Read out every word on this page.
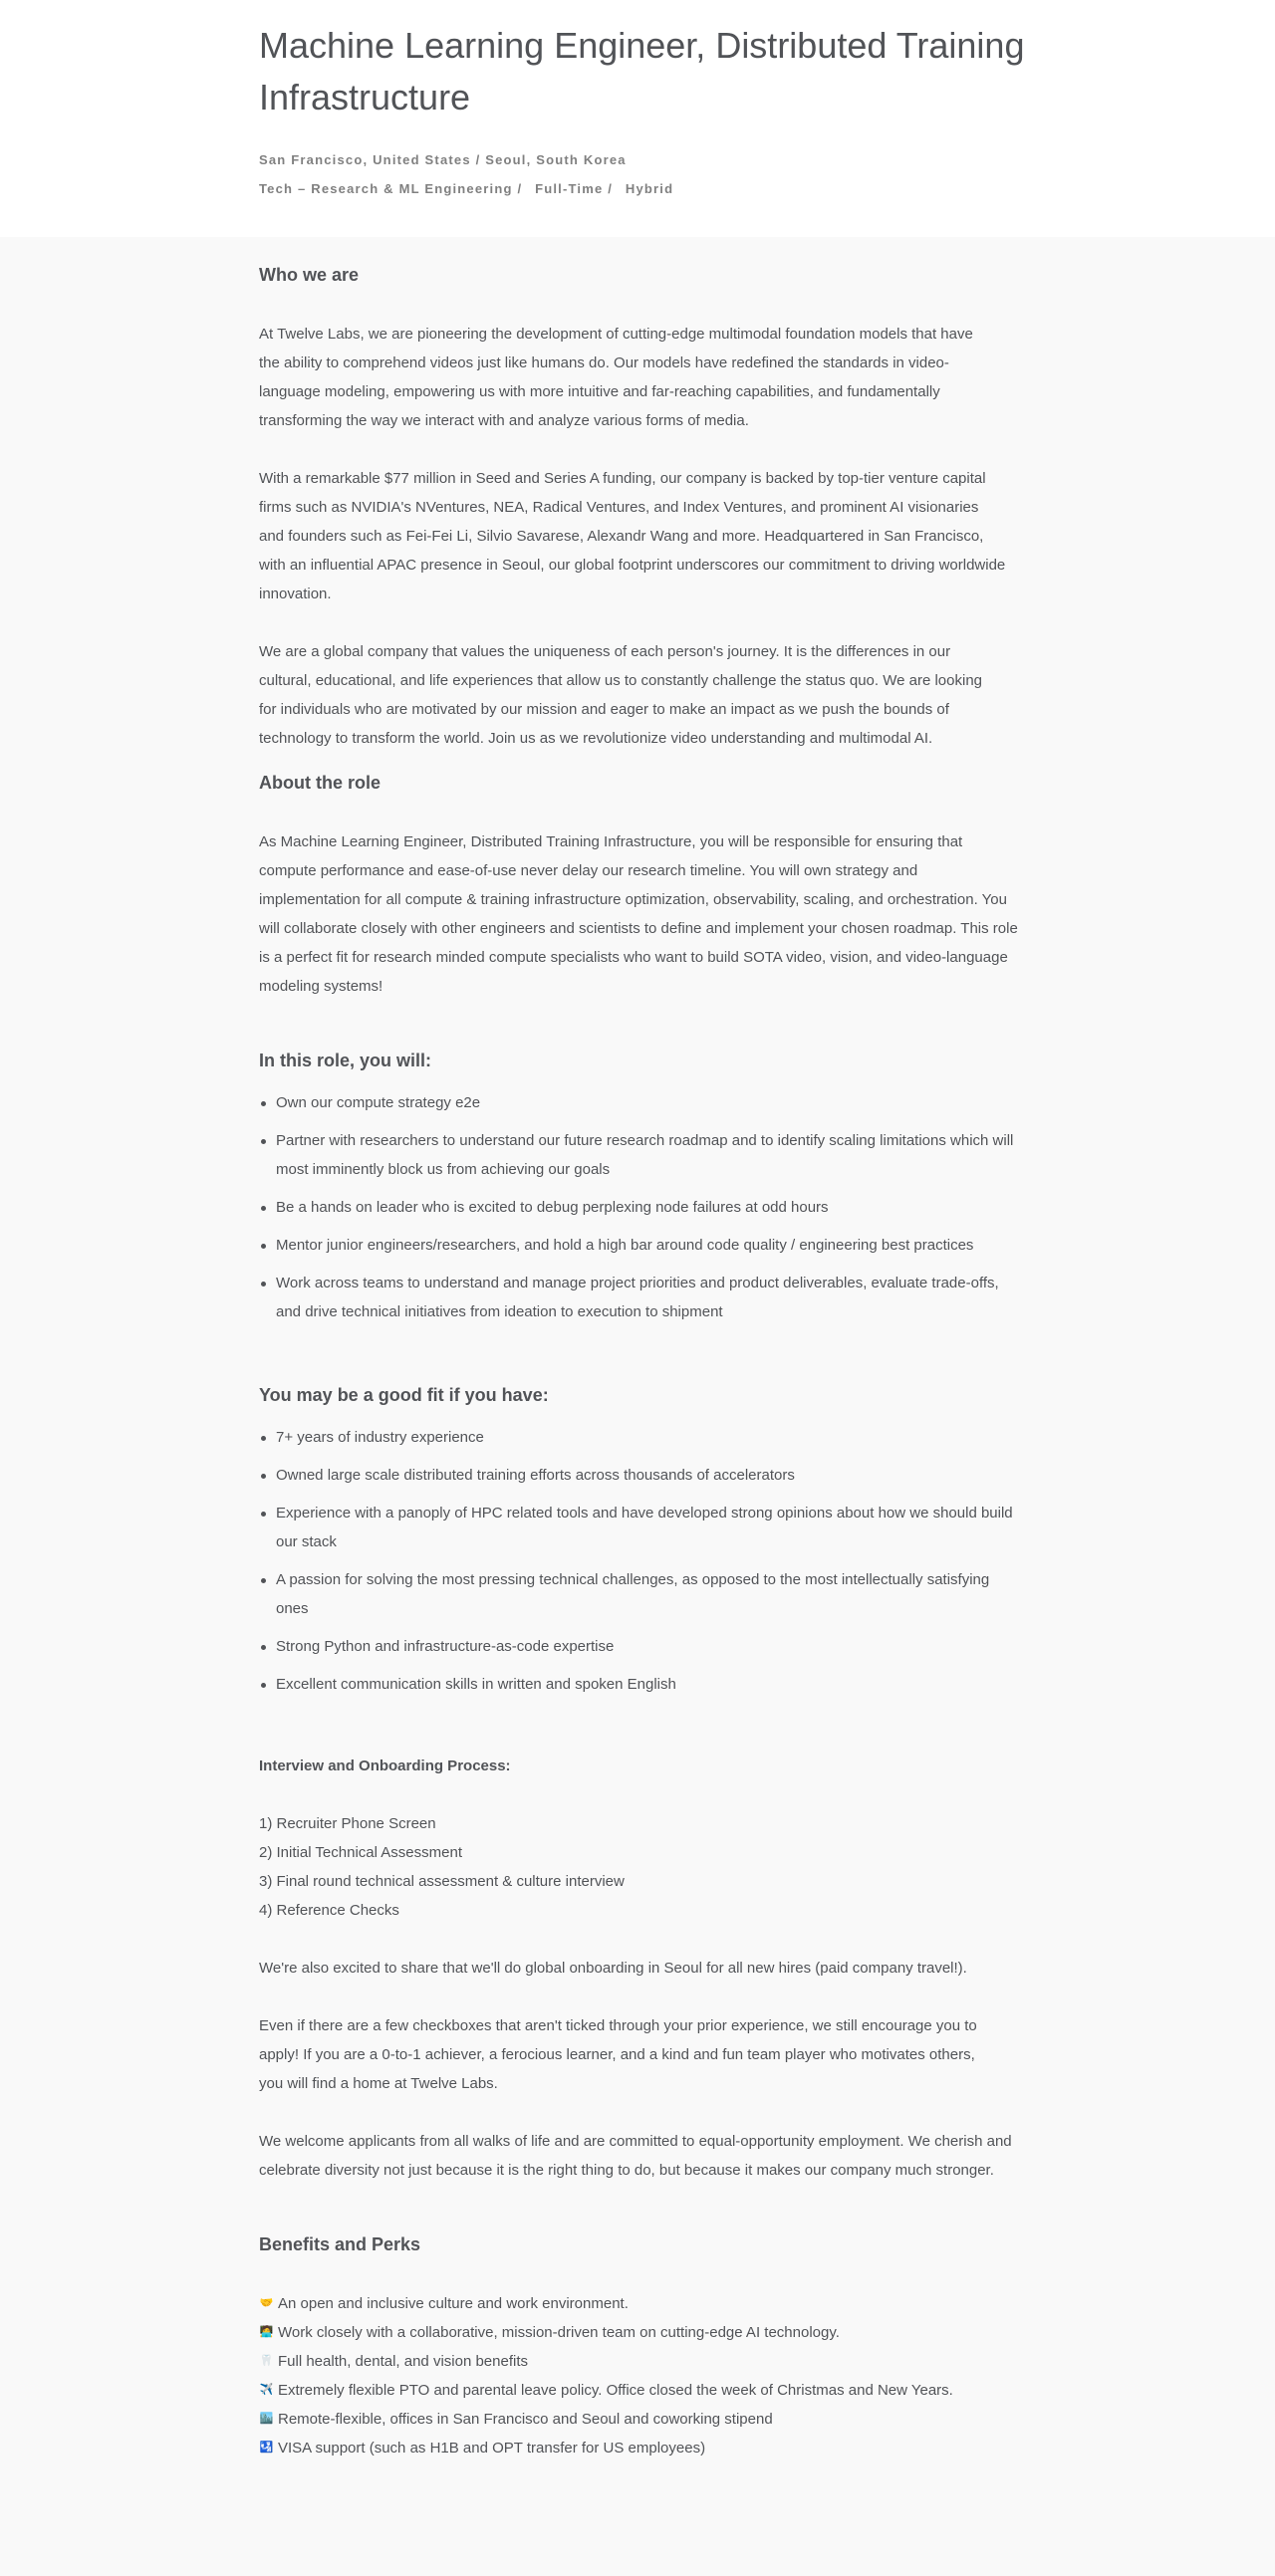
Machine Learning Engineer, Distributed Training Infrastructure
San Francisco, United States / Seoul, South Korea
Tech – Research & ML Engineering / Full-Time / Hybrid
Who we are

At Twelve Labs, we are pioneering the development of cutting-edge multimodal foundation models that have the ability to comprehend videos just like humans do. Our models have redefined the standards in video-language modeling, empowering us with more intuitive and far-reaching capabilities, and fundamentally transforming the way we interact with and analyze various forms of media.

With a remarkable $77 million in Seed and Series A funding, our company is backed by top-tier venture capital firms such as NVIDIA's NVentures, NEA, Radical Ventures, and Index Ventures, and prominent AI visionaries and founders such as Fei-Fei Li, Silvio Savarese, Alexandr Wang and more. Headquartered in San Francisco, with an influential APAC presence in Seoul, our global footprint underscores our commitment to driving worldwide innovation.

We are a global company that values the uniqueness of each person's journey. It is the differences in our cultural, educational, and life experiences that allow us to constantly challenge the status quo. We are looking for individuals who are motivated by our mission and eager to make an impact as we push the bounds of technology to transform the world. Join us as we revolutionize video understanding and multimodal AI.

About the role

As Machine Learning Engineer, Distributed Training Infrastructure, you will be responsible for ensuring that compute performance and ease-of-use never delay our research timeline. You will own strategy and implementation for all compute & training infrastructure optimization, observability, scaling, and orchestration. You will collaborate closely with other engineers and scientists to define and implement your chosen roadmap. This role is a perfect fit for research minded compute specialists who want to build SOTA video, vision, and video-language modeling systems!

In this role, you will:
Own our compute strategy e2e
Partner with researchers to understand our future research roadmap and to identify scaling limitations which will most imminently block us from achieving our goals
Be a hands on leader who is excited to debug perplexing node failures at odd hours
Mentor junior engineers/researchers, and hold a high bar around code quality / engineering best practices
Work across teams to understand and manage project priorities and product deliverables, evaluate trade-offs, and drive technical initiatives from ideation to execution to shipment
You may be a good fit if you have:
7+ years of industry experience
Owned large scale distributed training efforts across thousands of accelerators
Experience with a panoply of HPC related tools and have developed strong opinions about how we should build our stack
A passion for solving the most pressing technical challenges, as opposed to the most intellectually satisfying ones
Strong Python and infrastructure-as-code expertise
Excellent communication skills in written and spoken English
Interview and Onboarding Process:
1) Recruiter Phone Screen
2) Initial Technical Assessment
3) Final round technical assessment & culture interview
4) Reference Checks

We're also excited to share that we'll do global onboarding in Seoul for all new hires (paid company travel!).

Even if there are a few checkboxes that aren't ticked through your prior experience, we still encourage you to apply! If you are a 0-to-1 achiever, a ferocious learner, and a kind and fun team player who motivates others, you will find a home at Twelve Labs.

We welcome applicants from all walks of life and are committed to equal-opportunity employment. We cherish and celebrate diversity not just because it is the right thing to do, but because it makes our company much stronger.

Benefits and Perks
🤝 An open and inclusive culture and work environment.
🧑‍💻 Work closely with a collaborative, mission-driven team on cutting-edge AI technology.
🦷 Full health, dental, and vision benefits
✈️ Extremely flexible PTO and parental leave policy. Office closed the week of Christmas and New Years.
🏙️ Remote-flexible, offices in San Francisco and Seoul and coworking stipend
🛂 VISA support (such as H1B and OPT transfer for US employees)
